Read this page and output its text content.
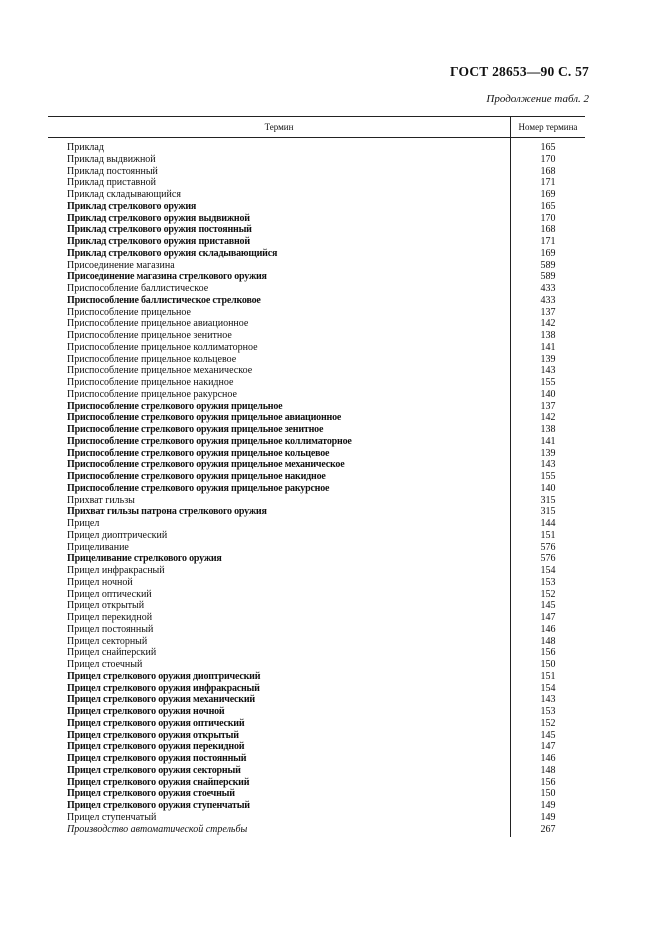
ГОСТ 28653—90 С. 57
Продолжение табл. 2
Термин	Номер термина
Приклад	165
Приклад выдвижной	170
Приклад постоянный	168
Приклад приставной	171
Приклад складывающийся	169
Приклад стрелкового оружия	165
Приклад стрелкового оружия выдвижной	170
Приклад стрелкового оружия постоянный	168
Приклад стрелкового оружия приставной	171
Приклад стрелкового оружия складывающийся	169
Присоединение магазина	589
Присоединение магазина стрелкового оружия	589
Приспособление баллистическое	433
Приспособление баллистическое стрелковое	433
Приспособление прицельное	137
Приспособление прицельное авиационное	142
Приспособление прицельное зенитное	138
Приспособление прицельное коллиматорное	141
Приспособление прицельное кольцевое	139
Приспособление прицельное механическое	143
Приспособление прицельное накидное	155
Приспособление прицельное ракурсное	140
Приспособление стрелкового оружия прицельное	137
Приспособление стрелкового оружия прицельное авиационное	142
Приспособление стрелкового оружия прицельное зенитное	138
Приспособление стрелкового оружия прицельное коллиматорное	141
Приспособление стрелкового оружия прицельное кольцевое	139
Приспособление стрелкового оружия прицельное механическое	143
Приспособление стрелкового оружия прицельное накидное	155
Приспособление стрелкового оружия прицельное ракурсное	140
Прихват гильзы	315
Прихват гильзы патрона стрелкового оружия	315
Прицел	144
Прицел диоптрический	151
Прицеливание	576
Прицеливание стрелкового оружия	576
Прицел инфракрасный	154
Прицел ночной	153
Прицел оптический	152
Прицел открытый	145
Прицел перекидной	147
Прицел постоянный	146
Прицел секторный	148
Прицел снайперский	156
Прицел стоечный	150
Прицел стрелкового оружия диоптрический	151
Прицел стрелкового оружия инфракрасный	154
Прицел стрелкового оружия механический	143
Прицел стрелкового оружия ночной	153
Прицел стрелкового оружия оптический	152
Прицел стрелкового оружия открытый	145
Прицел стрелкового оружия перекидной	147
Прицел стрелкового оружия постоянный	146
Прицел стрелкового оружия секторный	148
Прицел стрелкового оружия снайперский	156
Прицел стрелкового оружия стоечный	150
Прицел стрелкового оружия ступенчатый	149
Прицел ступенчатый	149
Производство автоматической стрельбы	267
